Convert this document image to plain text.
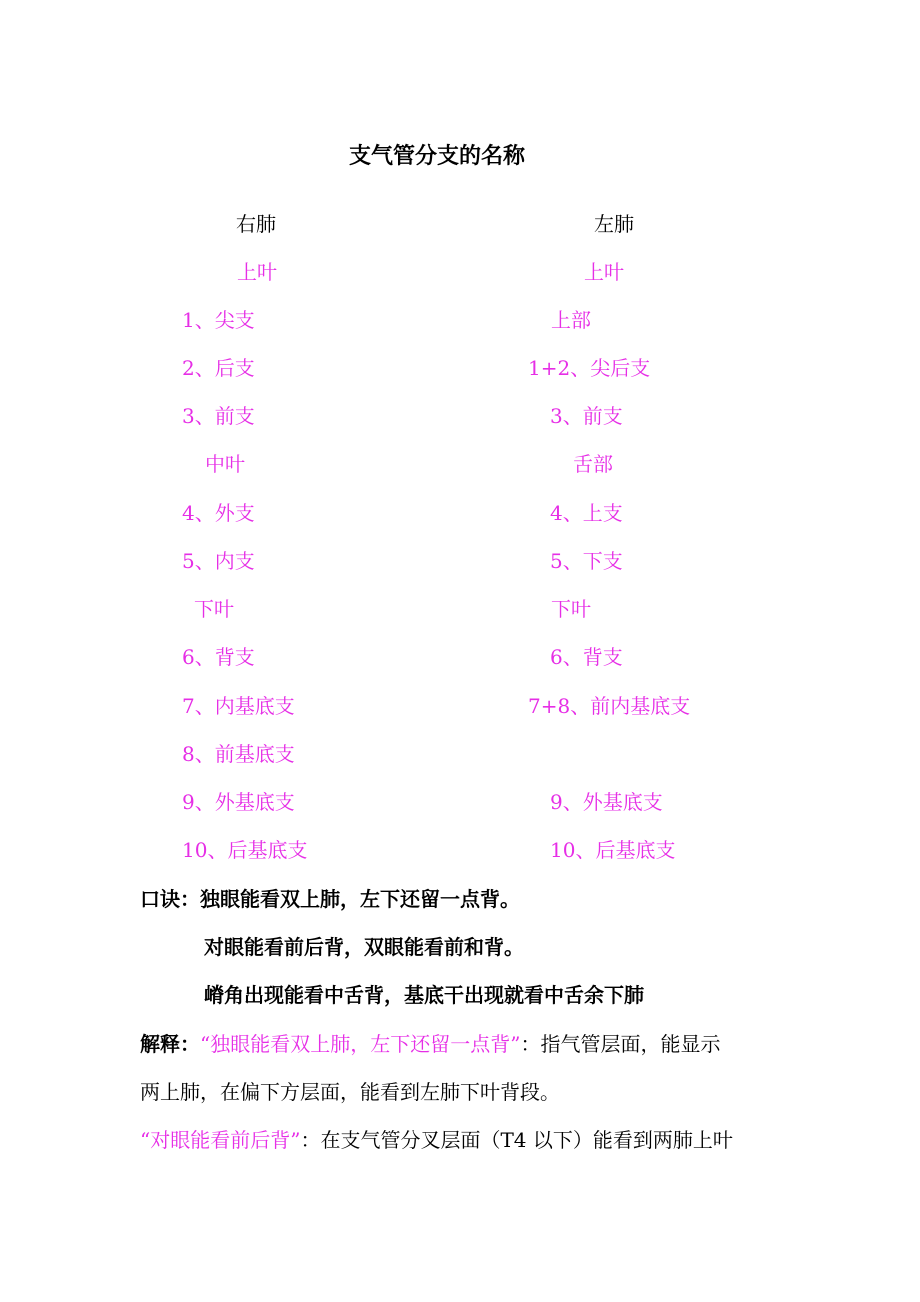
支气管分支的名称
右肺
上叶
1、尖支
2、后支
3、前支
中叶
4、外支
5、内支
下叶
6、背支
7、内基底支
8、前基底支
9、外基底支
10、后基底支
左肺
上叶
上部
1+2、尖后支
3、前支
舌部
4、上支
5、下支
下叶
6、背支
7+8、前内基底支
9、外基底支
10、后基底支
口诀：独眼能看双上肺，左下还留一点背。
对眼能看前后背，双眼能看前和背。
嵴角出现能看中舌背，基底干出现就看中舌余下肺
解释：“独眼能看双上肺，左下还留一点背”：指气管层面，能显示
两上肺，在偏下方层面，能看到左肺下叶背段。
“对眼能看前后背”：在支气管分叉层面（T4 以下）能看到两肺上叶
